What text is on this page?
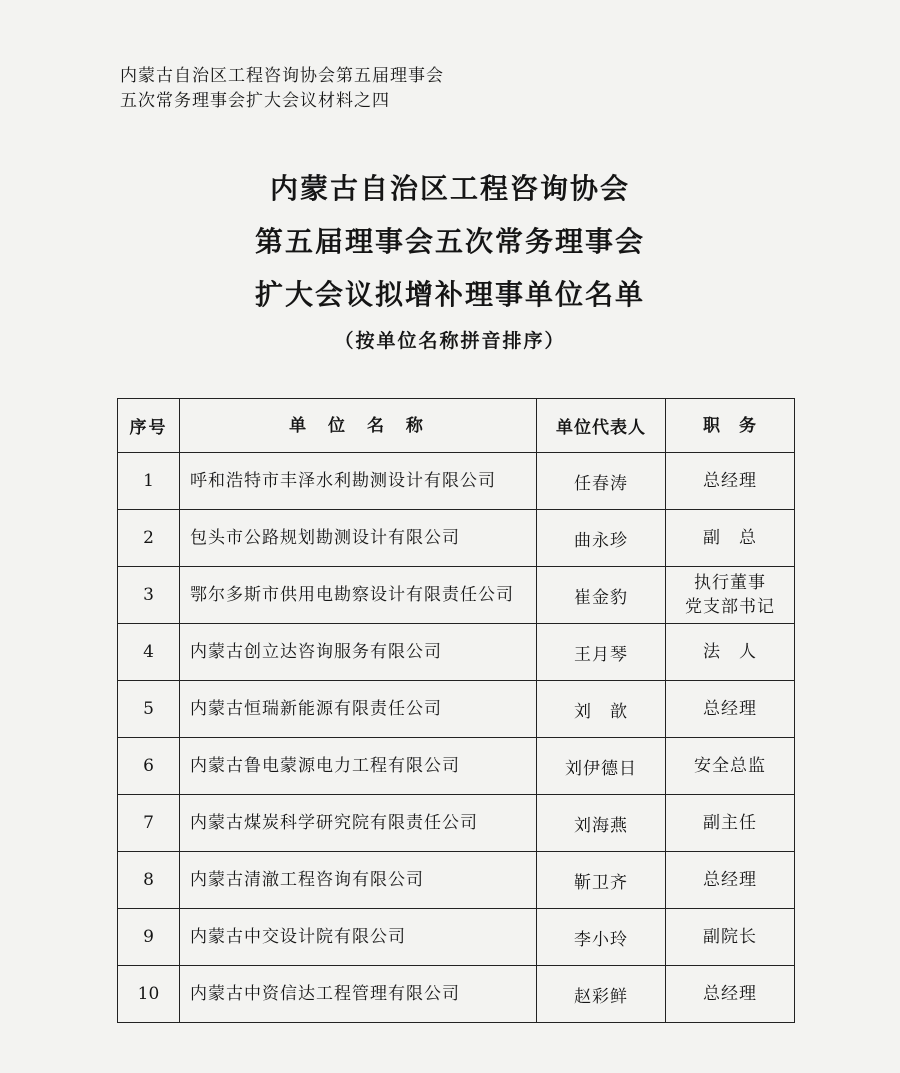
内蒙古自治区工程咨询协会第五届理事会
五次常务理事会扩大会议材料之四
内蒙古自治区工程咨询协会
第五届理事会五次常务理事会
扩大会议拟增补理事单位名单
（按单位名称拼音排序）
序号	单 位 名 称	单位代表人	职　务
1	呼和浩特市丰泽水利勘测设计有限公司	任春涛	总经理

2	包头市公路规划勘测设计有限公司	曲永珍	副　总

3	鄂尔多斯市供用电勘察设计有限责任公司	崔金豹	执行董事
党支部书记

4	内蒙古创立达咨询服务有限公司	王月琴	法　人

5	内蒙古恒瑞新能源有限责任公司	刘　歆	总经理

6	内蒙古鲁电蒙源电力工程有限公司	刘伊德日	安全总监

7	内蒙古煤炭科学研究院有限责任公司	刘海燕	副主任

8	内蒙古清澈工程咨询有限公司	靳卫齐	总经理

9	内蒙古中交设计院有限公司	李小玲	副院长

10	内蒙古中资信达工程管理有限公司	赵彩鲜	总经理
